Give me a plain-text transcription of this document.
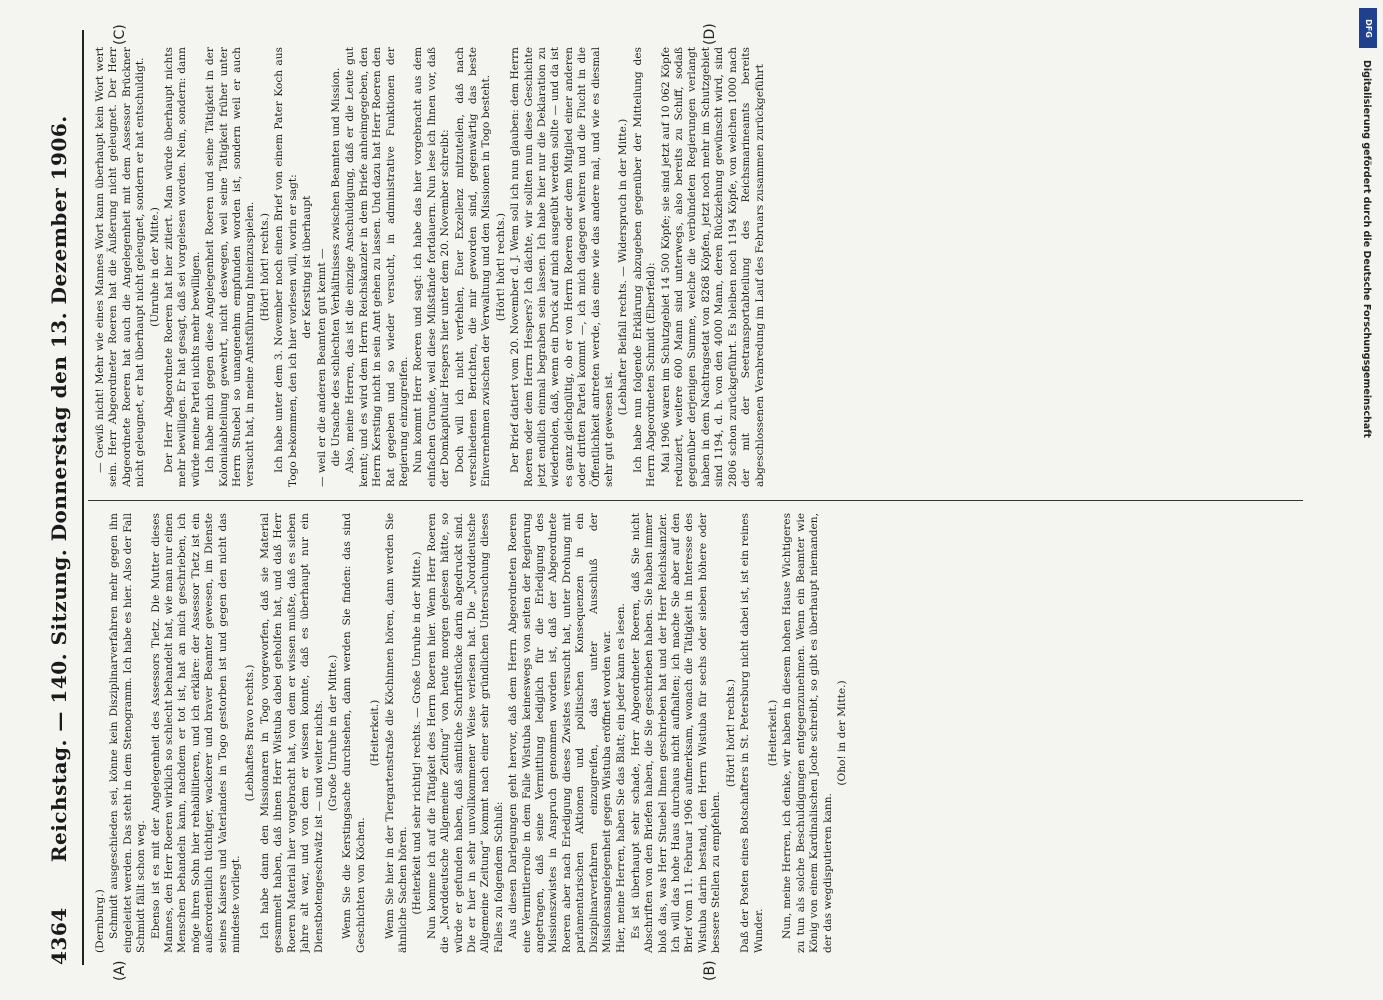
4364
Reichstag. — 140. Sitzung. Donnerstag den 13. Dezember 1906.
(A)	(B)
(C)	(D)

(Dernburg.) Schmidt ausgeschieden sei, könne kein Disziplinarverfahren mehr gegen ihn eingeleitet werden. Das steht in dem Stenogramm. Ich habe es hier. Also der Fall Schmidt fällt schon weg. Ebenso ist es mit der Angelegenheit des Assessors Tietz. Die Mutter dieses Mannes, den Herr Roeren wirklich so schlecht behandelt hat, wie man nur einen Menschen behandeln kann, nachdem er tot ist, hat an mich geschrieben, ich möge ihren Sohn hier rehabilitieren, und ich erkläre: der Assessor Tietz ist ein außerordentlich tüchtiger, wackerer und braver Beamter gewesen, im Dienste seines Kaisers und Vaterlandes in Togo gestorben ist und gegen den nicht das mindeste vorliegt.

(Lebhaftes Bravo rechts.) Ich habe dann den Missionaren in Togo vorgeworfen, daß sie Material gesammelt haben, daß ihnen Herr Wistuba dabei geholfen hat, und daß Herr Roeren Material hier vorgebracht hat, von dem er wissen mußte, daß es sieben Jahre alt war, und von dem er wissen konnte, daß es überhaupt nur ein Dienstbotengeschwätz ist — und weiter nichts. (Große Unruhe in der Mitte.) Wenn Sie die Kerstingsache durchsehen, dann werden Sie finden: das sind Geschichten von Köchen.

(Heiterkeit.) Wenn Sie hier in der Tiergartenstraße die Köchinnen hören, dann werden Sie ähnliche Sachen hören. (Heiterkeit und sehr richtig! rechts. — Große Unruhe in der Mitte.) Nun komme ich auf die Tätigkeit des Herrn Roeren hier. Wenn Herr Roeren die „Norddeutsche Allgemeine Zeitung“ von heute morgen gelesen hätte, so würde er gefunden haben, daß sämtliche Schriftstücke darin abgedruckt sind. Die er hier in sehr unvollkommener Weise verlesen hat. Die „Norddeutsche Allgemeine Zeitung“ kommt nach einer sehr gründlichen Untersuchung dieses Falles zu folgendem Schluß: Aus diesen Darlegungen geht hervor, daß dem Herrn Abgeordneten Roeren eine Vermittlerrolle in dem Falle Wistuba keineswegs von seiten der Regierung angetragen, daß seine Vermittlung lediglich für die Erledigung des Missionszwistes in Anspruch genommen worden ist, daß der Abgeordnete Roeren aber nach Erledigung dieses Zwistes versucht hat, unter Drohung mit parlamentarischen Aktionen und politischen Konsequenzen in ein Disziplinarverfahren einzugreifen, das unter Ausschluß der Missionsangelegenheit gegen Wistuba eröffnet worden war. Hier, meine Herren, haben Sie das Blatt; ein jeder kann es lesen. Es ist überhaupt sehr schade, Herr Abgeordneter Roeren, daß Sie nicht Abschriften von den Briefen haben, die Sie geschrieben haben. Sie haben immer bloß das, was Herr Stuebel Ihnen geschrieben hat und der Herr Reichskanzler. Ich will das hohe Haus durchaus nicht aufhalten; ich mache Sie aber auf den Brief vom 11. Februar 1906 aufmerksam, wonach die Tätigkeit in Interesse des Wistuba darin bestand, den Herrn Wistuba für sechs oder sieben höhere oder bessere Stellen zu empfehlen.

(Hört! hört! rechts.) Daß der Posten eines Botschafters in St. Petersburg nicht dabei ist, ist ein reines Wunder.

(Heiterkeit.) Nun, meine Herren, ich denke, wir haben in diesem hohen Hause Wichtigeres zu tun als solche Beschuldigungen entgegenzunehmen. Wenn ein Beamter wie König von einem Kardinalischen Joche schreibt, so gibt es überhaupt niemanden, der das wegdisputieren kann.

(Oho! in der Mitte.)

— Gewiß nicht! Mehr wie eines Mannes Wort kann überhaupt kein Wort wert sein. Herr Abgeordneter Roeren hat die Äußerung nicht geleugnet. Der Herr Abgeordnete Roeren hat auch die Angelegenheit mit dem Assessor Brückner nicht geleugnet, er hat überhaupt nicht geleugnet, sondern er hat entschuldigt. (Unruhe in der Mitte.) Der Herr Abgeordnete Roeren hat hier zitiert. Man würde überhaupt nichts mehr bewilligen. Er hat gesagt, daß sei vorgelesen worden. Nein, sondern: dann würde meine Partei nichts mehr bewilligen. Ich habe mich gegen diese Angelegenheit Roeren und seine Tätigkeit in der Kolonialabteilung gewehrt, nicht deswegen, weil seine Tätigkeit früher unter Herrn Stuebel so unangenehm empfunden worden ist, sondern weil er auch versucht hat, in meine Amtsführung hineinzuspielen. (Hört! hört! rechts.) Ich habe unter dem 3. November noch einen Brief von einem Pater Koch aus Togo bekommen, den ich hier vorlesen will, worin er sagt: der Kersting ist überhaupt — weil er die anderen Beamten gut kennt — die Ursache des schlechten Verhältnisses zwischen Beamten und Mission. Also, meine Herren, das ist die einzige Anschuldigung, daß er die Leute gut kennt; und es wird dem Herrn Reichskanzler in dem Briefe anheimgegeben, den Herrn Kersting nicht in sein Amt gehen zu lassen. Und dazu hat Herr Roeren den Rat gegeben und so wieder versucht, in administrative Funktionen der Regierung einzugreifen. Nun kommt Herr Roeren und sagt: ich habe das hier vorgebracht aus dem einfachen Grunde, weil diese Mißstände fortdauern. Nun lese ich Ihnen vor, daß der Domkapitular Hespers hier unter dem 20. November schreibt: Doch will ich nicht verfehlen, Euer Exzellenz mitzuteilen, daß nach verschiedenen Berichten, die mir geworden sind, gegenwärtig das beste Einvernehmen zwischen der Verwaltung und den Missionen in Togo besteht. (Hört! hört! rechts.) Der Brief datiert vom 20. November d. J. Wem soll ich nun glauben: dem Herrn Roeren oder dem Herrn Hespers? Ich dächte, wir sollten nun diese Geschichte jetzt endlich einmal begraben sein lassen. Ich habe hier nur die Deklaration zu wiederholen, daß, wenn ein Druck auf mich ausgeübt werden sollte — und da ist es ganz gleichgültig, ob er von Herrn Roeren oder dem Mitglied einer anderen oder dritten Partei kommt —, ich mich dagegen wehren und die Flucht in die Öffentlichkeit antreten werde, das eine wie das andere mal, und wie es diesmal sehr gut gewesen ist.

(Lebhafter Beifall rechts. — Widerspruch in der Mitte.) Ich habe nun folgende Erklärung abzugeben gegenüber der Mitteilung des Herrn Abgeordneten Schmidt (Elberfeld): Mai 1906 waren im Schutzgebiet 14 500 Köpfe; sie sind jetzt auf 10 062 Köpfe reduziert, weitere 600 Mann sind unterwegs, also bereits zu Schiff, sodaß gegenüber derjenigen Summe, welche die verbündeten Regierungen verlangt haben in dem Nachtragsetat von 8268 Köpfen, jetzt noch mehr im Schutzgebiet sind 1194, d. h. von den 4000 Mann, deren Rückziehung gewünscht wird, sind 2806 schon zurückgeführt. Es bleiben noch 1194 Köpfe, von welchen 1000 nach der mit der Seetransportabteilung des Reichsmarineamts bereits abgeschlossenen Verabredung im Lauf des Februars zusammen zurückgeführt

DFG
Digitalisierung gefördert durch die Deutsche Forschungsgemeinschaft
